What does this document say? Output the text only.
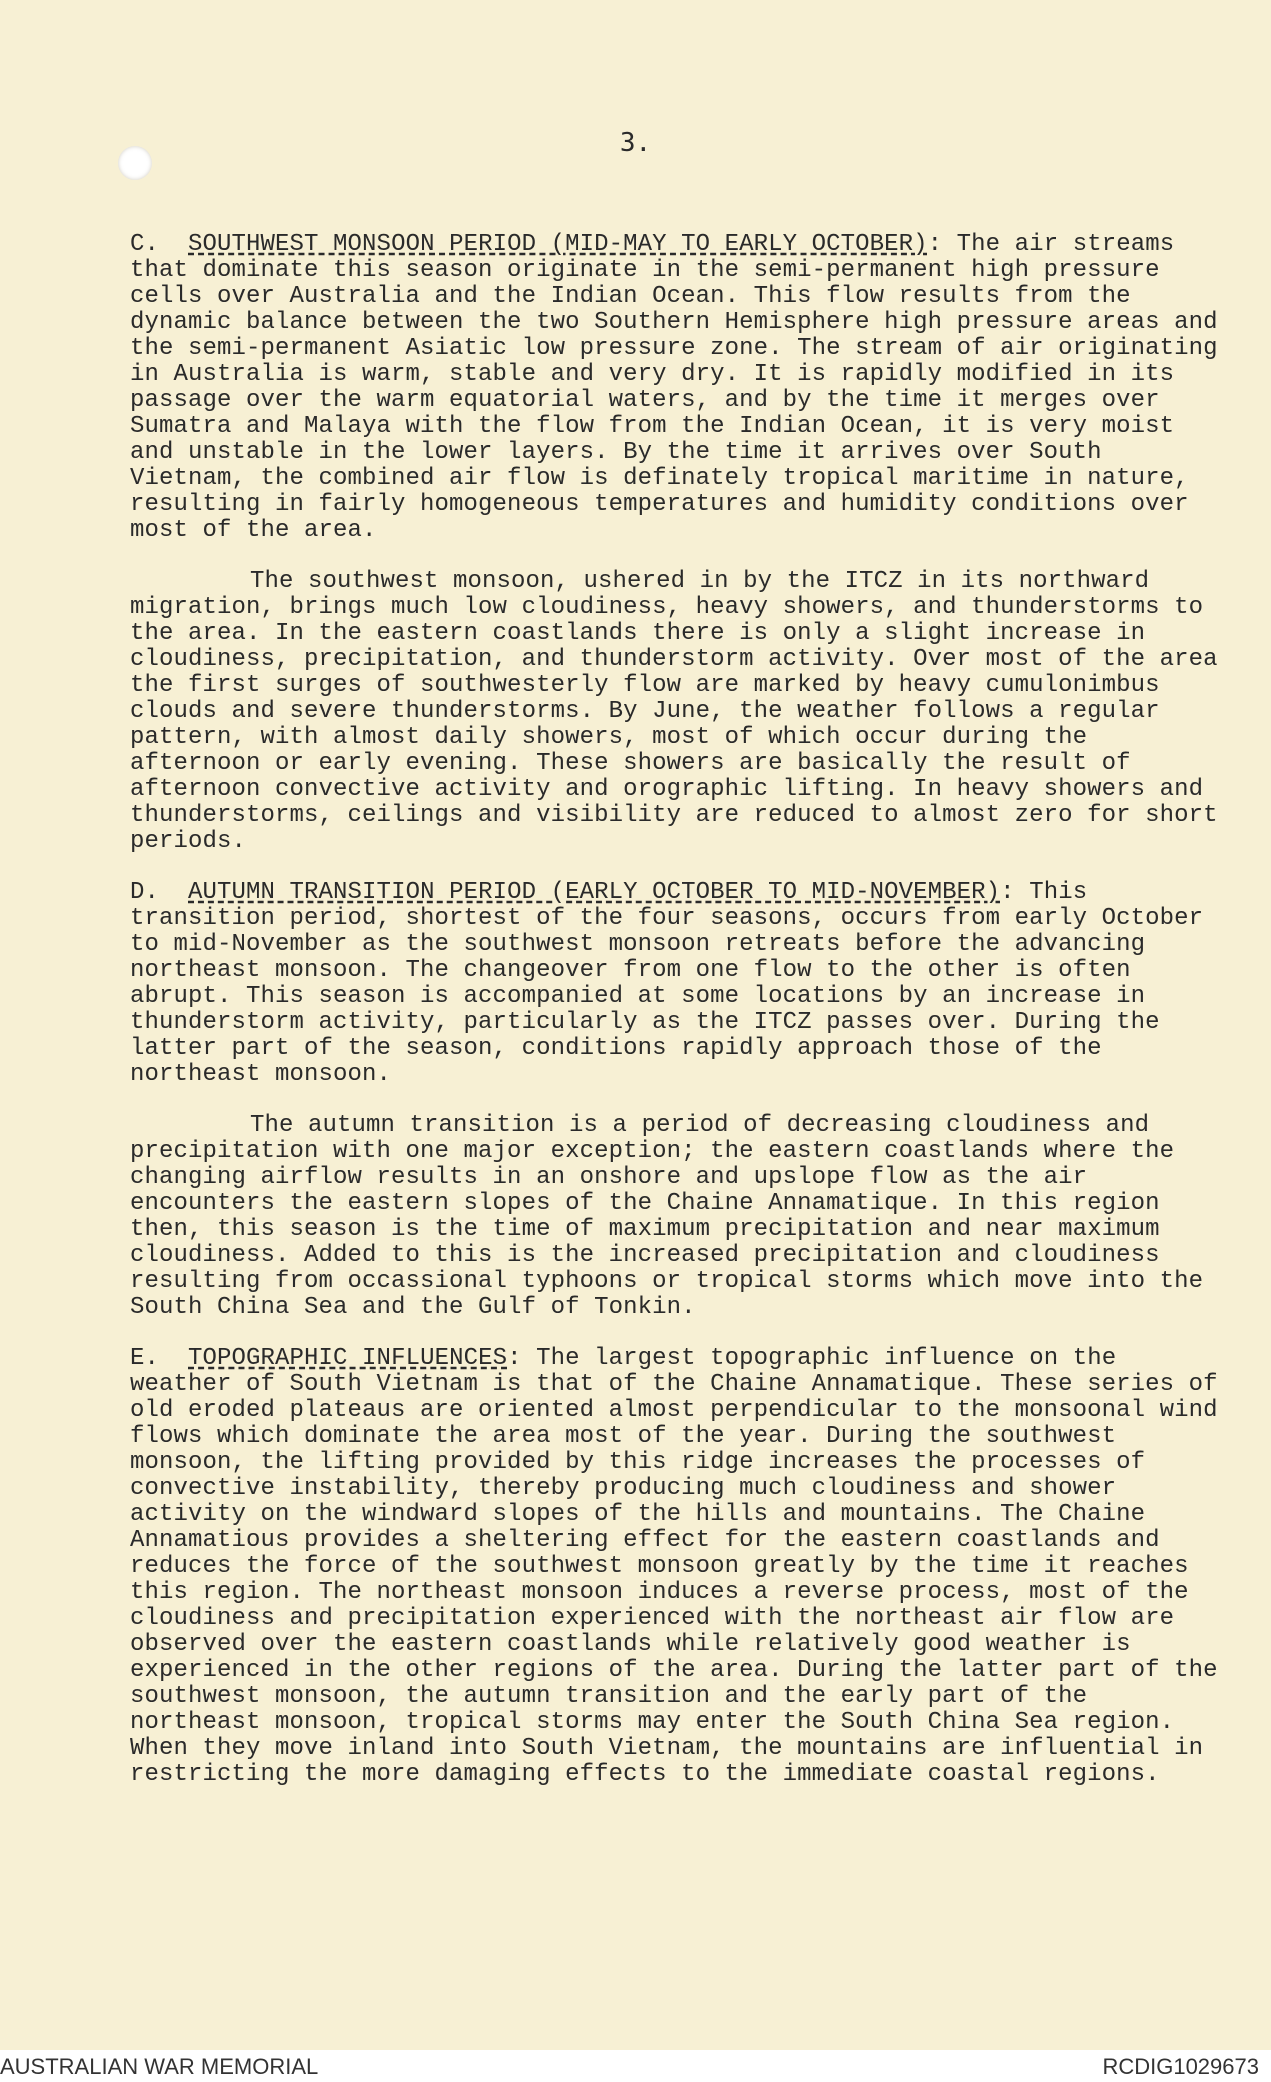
3.

C. SOUTHWEST MONSOON PERIOD (MID-MAY TO EARLY OCTOBER): The air streams that dominate this season originate in the semi-permanent high pressure cells over Australia and the Indian Ocean. This flow results from the dynamic balance between the two Southern Hemisphere high pressure areas and the semi-permanent Asiatic low pressure zone. The stream of air originating in Australia is warm, stable and very dry. It is rapidly modified in its passage over the warm equatorial waters, and by the time it merges over Sumatra and Malaya with the flow from the Indian Ocean, it is very moist and unstable in the lower layers. By the time it arrives over South Vietnam, the combined air flow is definately tropical maritime in nature, resulting in fairly homogeneous temperatures and humidity conditions over most of the area.

The southwest monsoon, ushered in by the ITCZ in its northward migration, brings much low cloudiness, heavy showers, and thunderstorms to the area. In the eastern coastlands there is only a slight increase in cloudiness, precipitation, and thunderstorm activity. Over most of the area the first surges of southwesterly flow are marked by heavy cumulonimbus clouds and severe thunderstorms. By June, the weather follows a regular pattern, with almost daily showers, most of which occur during the afternoon or early evening. These showers are basically the result of afternoon convective activity and orographic lifting. In heavy showers and thunderstorms, ceilings and visibility are reduced to almost zero for short periods.

D. AUTUMN TRANSITION PERIOD (EARLY OCTOBER TO MID-NOVEMBER): This transition period, shortest of the four seasons, occurs from early October to mid-November as the southwest monsoon retreats before the advancing northeast monsoon. The changeover from one flow to the other is often abrupt. This season is accompanied at some locations by an increase in thunderstorm activity, particularly as the ITCZ passes over. During the latter part of the season, conditions rapidly approach those of the northeast monsoon.

The autumn transition is a period of decreasing cloudiness and precipitation with one major exception; the eastern coastlands where the changing airflow results in an onshore and upslope flow as the air encounters the eastern slopes of the Chaine Annamatique. In this region then, this season is the time of maximum precipitation and near maximum cloudiness. Added to this is the increased precipitation and cloudiness resulting from occassional typhoons or tropical storms which move into the South China Sea and the Gulf of Tonkin.

E. TOPOGRAPHIC INFLUENCES: The largest topographic influence on the weather of South Vietnam is that of the Chaine Annamatique. These series of old eroded plateaus are oriented almost perpendicular to the monsoonal wind flows which dominate the area most of the year. During the southwest monsoon, the lifting provided by this ridge increases the processes of convective instability, thereby producing much cloudiness and shower activity on the windward slopes of the hills and mountains. The Chaine Annamatious provides a sheltering effect for the eastern coastlands and reduces the force of the southwest monsoon greatly by the time it reaches this region. The northeast monsoon induces a reverse process, most of the cloudiness and precipitation experienced with the northeast air flow are observed over the eastern coastlands while relatively good weather is experienced in the other regions of the area. During the latter part of the southwest monsoon, the autumn transition and the early part of the northeast monsoon, tropical storms may enter the South China Sea region. When they move inland into South Vietnam, the mountains are influential in restricting the more damaging effects to the immediate coastal regions.

AUSTRALIAN WAR MEMORIAL	RCDIG1029673
